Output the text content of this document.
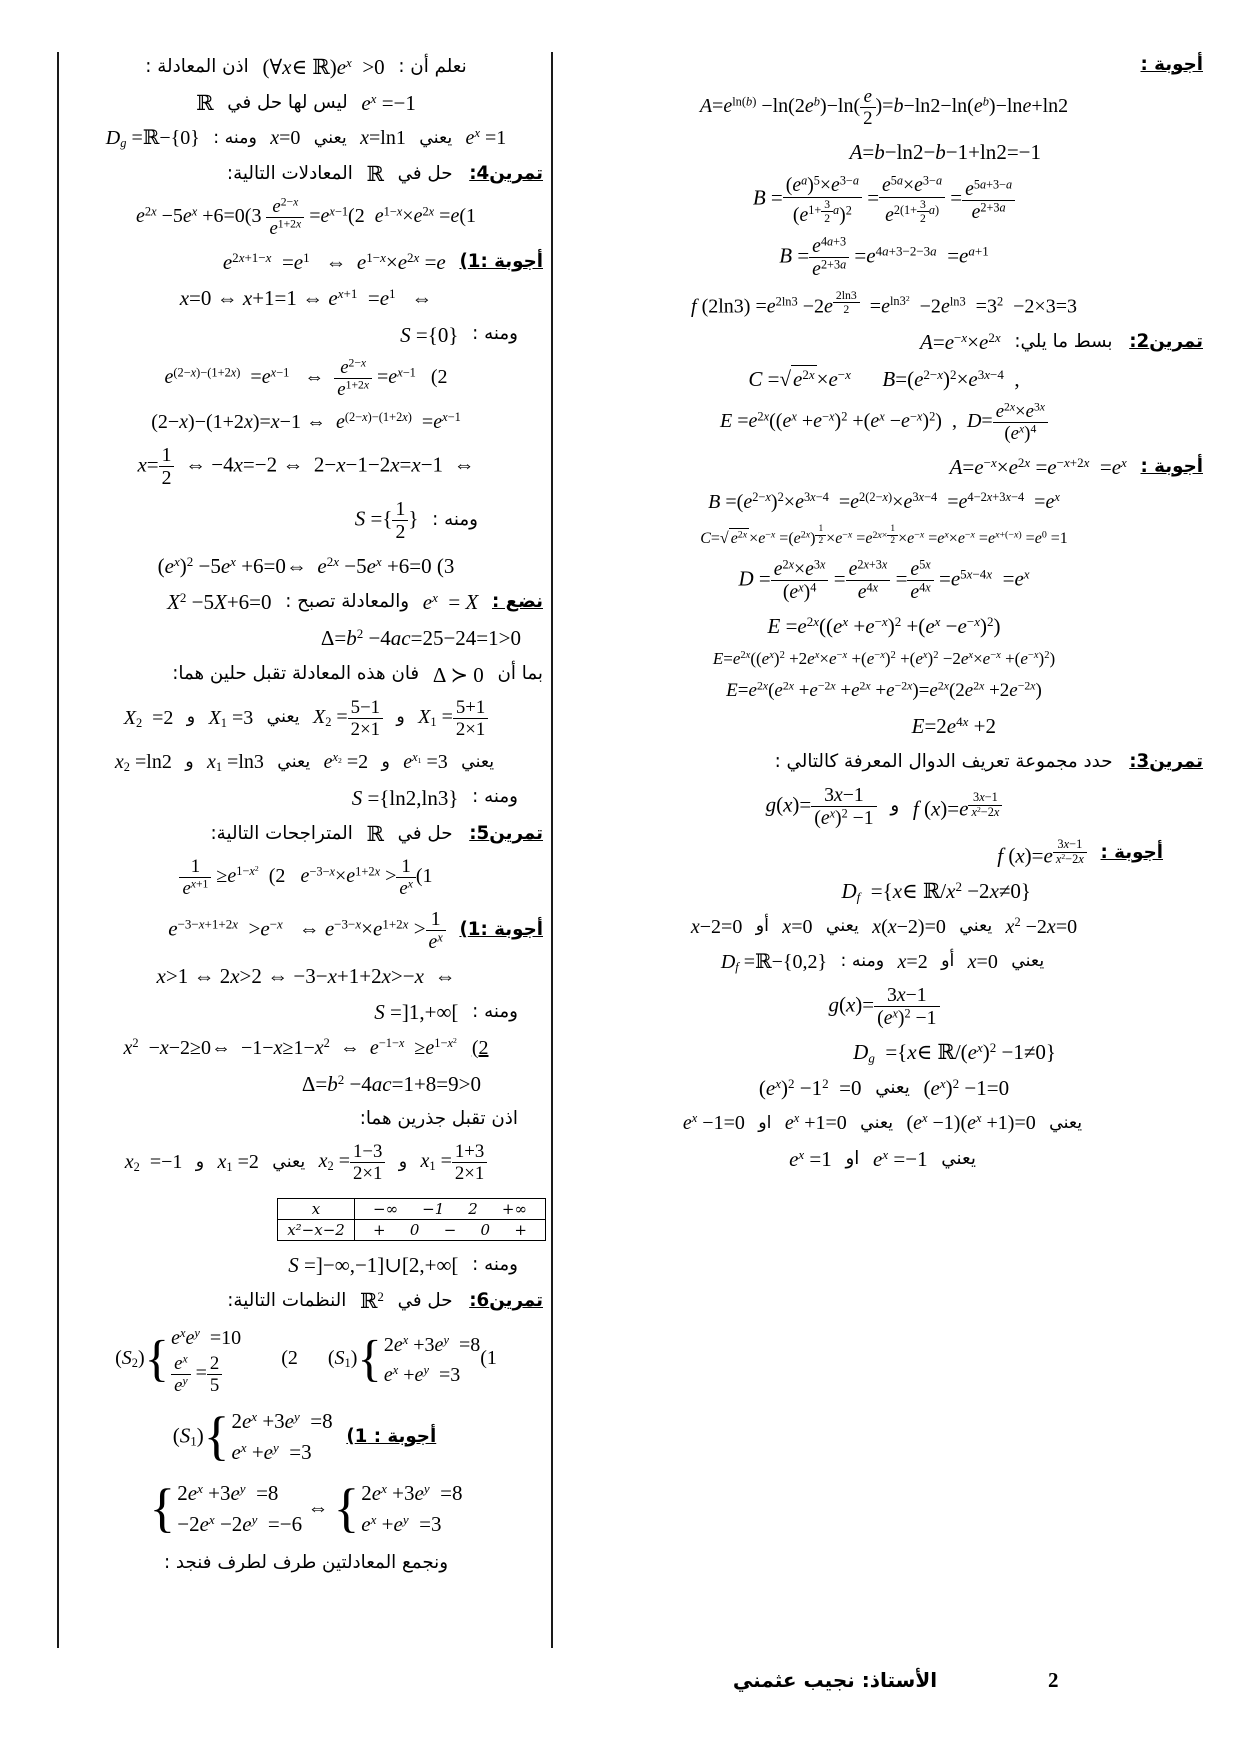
نعلم أن : (∀x∈ $ℝ)e^x >0$ اذن المعادلة :
$e^x =-1$ ليس لها حل في ℝ
$e^x =1$ يعني x=ln1 يعني x=0 ومنه : $D_g$ =ℝ−{0}
تمرين4: حل في ℝ المعادلات التالية:
$e^{2x} -5e^x +6=0(3 \frac{e^{2-x}}{e^{1+2x}} =e^{x-1}(2$  $e^{1-x}\times e^{2x} =e(1$
أجوبة :1) $e^{2x+1-x} =e^1$   ⇔  $e^{1-x}\times e^{2x} =e$
x=0 ⇔ x+1=1 ⇔ $e^{x+1} =e^1$   ⇔
ومنه : S ={0}
$e^{(2-x)-(1+2x)} =e^{x-1}$   ⇔ $\frac{e^{2-x}}{e^{1+2x}} =e^{x-1}$   (2
(2−x)−(1+2x)=x−1 ⇔  $e^{(2-x)-(1+2x)} =e^{x-1}$
$x= \frac{1}{2}$ ⇔ −4x=−2 ⇔  2−x−1−2x=x−1  ⇔
ومنه : S ={ $\frac{1}{2}$ }
$(e^x)^2 -5e^x$ +6=0⇔  $e^{2x} -5e^x +6=0$ (3
نضع : $e^x = X$ والمعادلة تصبح : $X^2 -5X+6=0$
$\Delta=b^2 -4ac=25-24=1>0$
بما أن Δ ≻ 0 فان هذه المعادلة تقبل حلين هما:
$X_1 = \frac{5+1}{2\times 1}$
و $X_2 = \frac{5-1}{2\times 1}$
يعني $X_1 =3$ و $X_2 =2$
يعني $e^{x_1} =3$ و $e^{x_2} =2$ يعني $x_1 =\ln 3$ و $x_2 =\ln 2$
ومنه : S ={ln2,ln3}
تمرين5: حل في ℝ المتراجحات التالية:
$\frac{1}{e^{x+1}} \ge e^{1-x^2}$  (2   $e^{-3-x}\times e^{1+2x} > \frac{1}{e^x} (1$
أجوبة :1) $e^{-3-x+1+2x} >e^{-x}$   ⇔ $e^{-3-x}\times e^{1+2x} > \frac{1}{e^x}$
x>1 ⇔ 2x>2 ⇔ −3−x+1+2x>−x  ⇔
ومنه : S =]1,+∞[
$x^2$  −x−2≥0⇔  $-1-x\ge 1-x^2$  ⇔  $e^{-1-x} \ge e^{1-x^2}$ (2
$\Delta=b^2 -4ac=1+8=9>0$
اذن تقبل جذرين هما:
$x_1 = \frac{1+3}{2\times 1}$
و $x_2 = \frac{1-3}{2\times 1}$
يعني $x_1 =2$ و $x_2 =-1$
x	−∞ −1 2 +∞

x²−x−2	+ 0 − 0 +
ومنه : S =]−∞,−1]∪[2,+∞[
تمرين6: حل في ℝ$^2$ النظمات التالية:
$(S_2)$ { $e^xe^y =10$
$\frac{e^x}{e^y} = \frac{2}{5} (2$      $(S_1)$ { $2e^x +3e^y =8$
$e^x +e^y =3$
(1
أجوبة : 1) $(S_1)$ { $2e^x +3e^y =8$
$e^x +e^y =3$
{ $2e^x +3e^y =8$
$-2e^x -2e^y =-6$
⇔ { $2e^x +3e^y =8$
$e^x +e^y =3$
ونجمع المعادلتين طرف لطرف فنجد :
أجوبة :
$A=e^{ln(b)} -\ln(2e^b)-\ln( \frac{e}{2} )=b-\ln 2-\ln(e^b)-\ln e+\ln 2$
A=b−ln2−b−1+ln2=−1
$B = (e^a)^5\times e^{3-a}$
$(e^{1+ \frac{3}{2} a})^2 = e^{5a}\times e^{3-a}$
$e^{2(1+ \frac{3}{2} a)} = \frac{e^{5a+3-a}}{e^{2+3a}}$
$B = \frac{e^{4a+3}}{e^{2+3a}} =e^{4a+3-2-3a} =e^{a+1}$
f $(2\ln 3) =e^{2ln3} -2e$ $^{\frac{2\ln 3}{2}} =e^{ln3^2} -2e^{ln3} =3^2 -2\times 3=3$
تمرين2: بسط ما يلي: $A=e^{-x}\times e^{2x}$
C = √ $e^{2x}\times e^{-x}$ $B=(e^{2-x})^2\times e^{3x-4}$  ,
$E =e^{2x}((e^x +e^{-x})^2 +(e^x -e^{-x})^2)$  ,  $D= \frac{e^{2x}\times e^{3x}}{(e^x)^4}$
أجوبة : $A=e^{-x}\times e^{2x} =e^{-x+2x} =e^x$
$B =(e^{2-x})^2\times e^{3x-4} =e^{2(2-x)}\times e^{3x-4} =e^{4-2x+3x-4} =e^x$
C= √ $e^{2x} \times e^{-x} =(e^{2x})$ $^{\frac{1}{2}} \times e^{-x} =e^{2x\times \frac{1}{2}} \times e^{-x} =e^x\times e^{-x} =e^{x+(-x)} =e^0 =1$
$D = \frac{e^{2x}\times e^{3x}}{(e^x)^4} = \frac{e^{2x+3x}}{e^{4x}} = \frac{e^{5x}}{e^{4x}} =e^{5x-4x} =e^x$
$E =e^{2x}((e^x +e^{-x})^2 +(e^x -e^{-x})^2)$
$E=e^{2x}((e^x)^2 +2e^x\times e^{-x} +(e^{-x})^2 +(e^x)^2 -2e^x\times e^{-x} +(e^{-x})^2)$
$E=e^{2x}(e^{2x} +e^{-2x} +e^{2x} +e^{-2x})=e^{2x}(2e^{2x} +2e^{-2x})$
$E=2e^{4x} +2$
تمرين3: حدد مجموعة تعريف الدوال المعرفة كالتالي :
f (x)=e $^{\frac{3x-1}{x^2-2x}}$
و $g(x)= \frac{3x-1}{(e^x)^2 -1}$
أجوبة : f (x)=e $^{\frac{3x-1}{x^2-2x}}$
$D_f$  ={x∈ $ℝ/x^2 -2x\ne 0$}
$x^2 -2x=0$ يعني x(x−2)=0 يعني x=0 أو x−2=0
يعني x=0 أو x=2 ومنه : $D_f$ =ℝ−{0,2}
$g(x)= \frac{3x-1}{(e^x)^2 -1}$
$D_g$  ={x∈ $ℝ/(e^x)^2 -1\ne 0$}
$(e^x)^2 -1=0$ يعني $(e^x)^2 -1^2 =0$
يعني $(e^x -1)(e^x +1)=0$ يعني $e^x +1=0$ او $e^x -1=0$
يعني $e^x =-1$ او $e^x =1$
الأستاذ: نجيب عثمني	2
